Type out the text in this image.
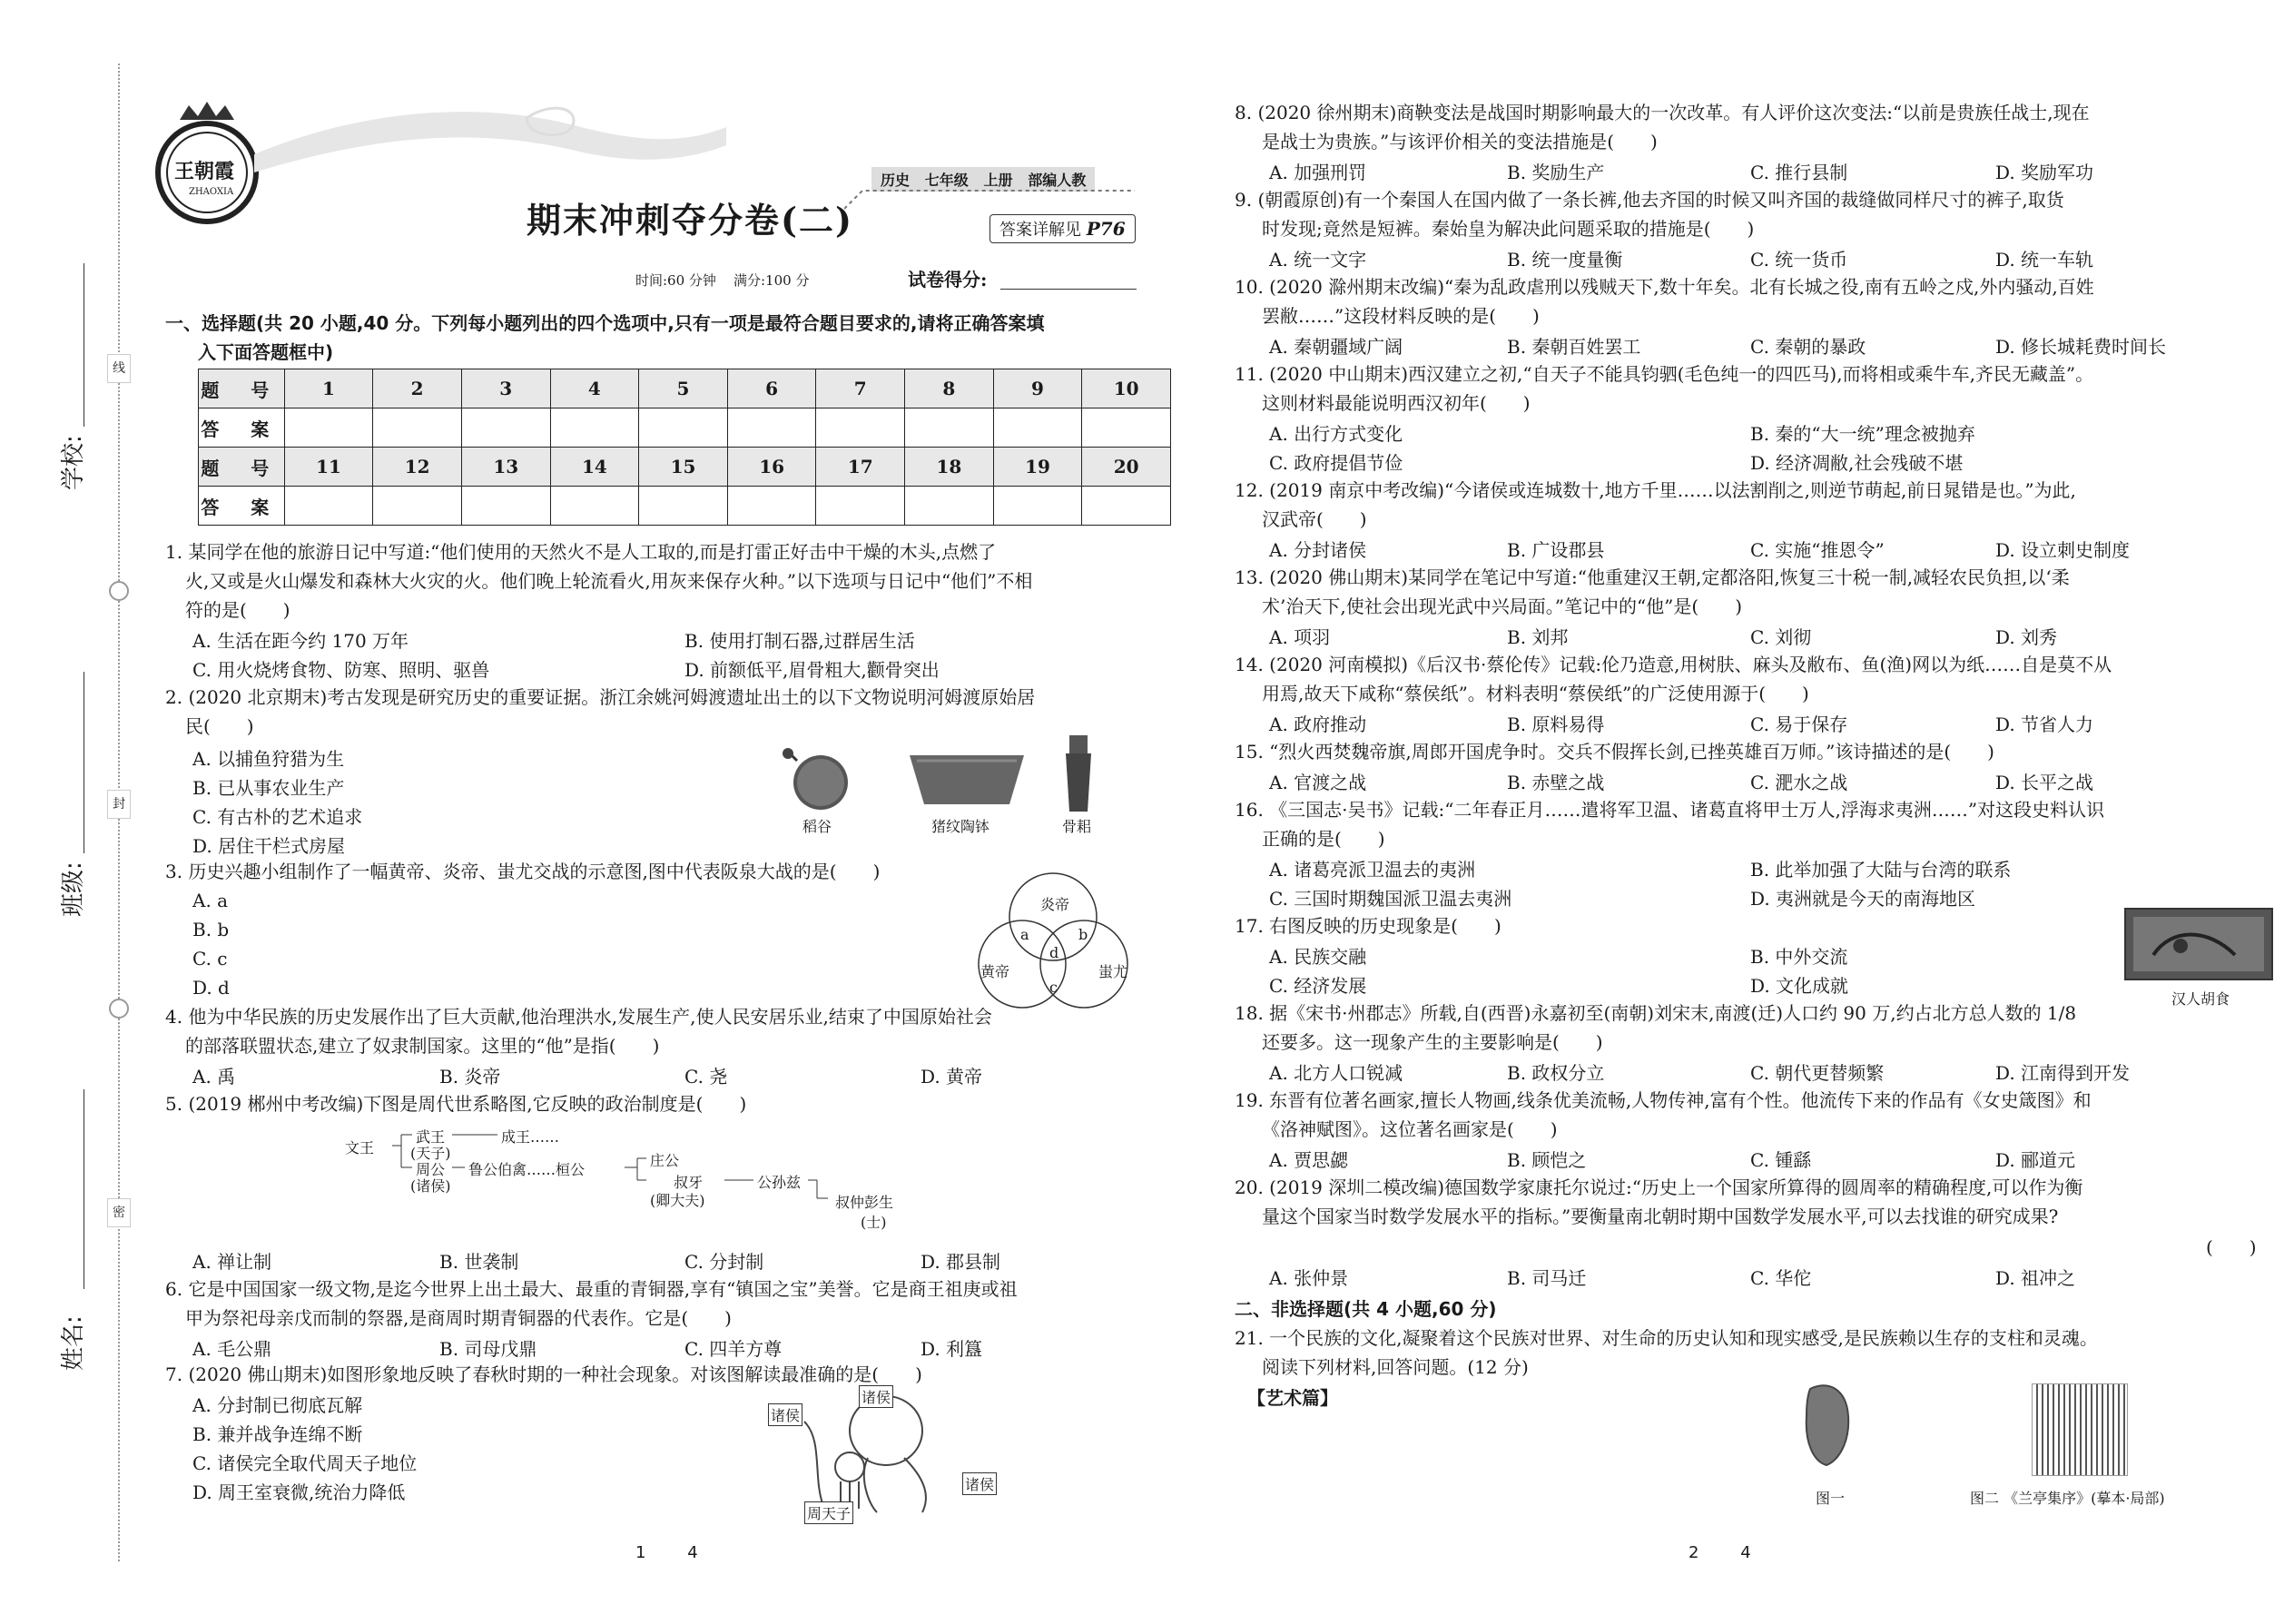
线
封
密
学校:
班级:
姓名:
王朝霞
ZHAOXIA
历史 七年级 上册 部编人教
期末冲刺夺分卷(二)	答案详解见 P76
时间:60 分钟 满分:100 分	试卷得分:
一、选择题(共 20 小题,40 分。下列每小题列出的四个选项中,只有一项是最符合题目要求的,请将正确答案填
入下面答题框中)
题 号	1	2	3	4	5	6	7	8	9	10
答 案										
题 号	11	12	13	14	15	16	17	18	19	20
答 案										
1. 某同学在他的旅游日记中写道:“他们使用的天然火不是人工取的,而是打雷正好击中干燥的木头,点燃了
火,又或是火山爆发和森林大火灾的火。他们晚上轮流看火,用灰来保存火种。”以下选项与日记中“他们”不相
符的是(　　)
A. 生活在距今约 170 万年	B. 使用打制石器,过群居生活
C. 用火烧烤食物、防寒、照明、驱兽	D. 前额低平,眉骨粗大,颧骨突出
2. (2020 北京期末)考古发现是研究历史的重要证据。浙江余姚河姆渡遗址出土的以下文物说明河姆渡原始居
民(　　)
A. 以捕鱼狩猎为生
B. 已从事农业生产
C. 有古朴的艺术追求
D. 居住干栏式房屋
稻谷	猪纹陶钵	骨耜
3. 历史兴趣小组制作了一幅黄帝、炎帝、蚩尤交战的示意图,图中代表阪泉大战的是(　　)
A. a
B. b
C. c
D. d
炎帝
黄帝	蚩尤
a	b
c
d
4. 他为中华民族的历史发展作出了巨大贡献,他治理洪水,发展生产,使人民安居乐业,结束了中国原始社会
的部落联盟状态,建立了奴隶制国家。这里的“他”是指(　　)
A. 禹	B. 炎帝	C. 尧	D. 黄帝
5. (2019 郴州中考改编)下图是周代世系略图,它反映的政治制度是(　　)
文王
武王
(天子)
成王……
周公
(诸侯)
鲁公伯禽……桓公
庄公
叔牙
(卿大夫)
公孙兹
叔仲彭生
(士)
A. 禅让制	B. 世袭制	C. 分封制	D. 郡县制
6. 它是中国国家一级文物,是迄今世界上出土最大、最重的青铜器,享有“镇国之宝”美誉。它是商王祖庚或祖
甲为祭祀母亲戊而制的祭器,是商周时期青铜器的代表作。它是(　　)
A. 毛公鼎	B. 司母戊鼎	C. 四羊方尊	D. 利簋
7. (2020 佛山期末)如图形象地反映了春秋时期的一种社会现象。对该图解读最准确的是(　　)
A. 分封制已彻底瓦解
B. 兼并战争连绵不断
C. 诸侯完全取代周天子地位
D. 周王室衰微,统治力降低
诸侯
诸侯
诸侯
周天子
1	4
8. (2020 徐州期末)商鞅变法是战国时期影响最大的一次改革。有人评价这次变法:“以前是贵族任战士,现在
是战士为贵族。”与该评价相关的变法措施是(　　)
A. 加强刑罚	B. 奖励生产	C. 推行县制	D. 奖励军功
9. (朝霞原创)有一个秦国人在国内做了一条长裤,他去齐国的时候又叫齐国的裁缝做同样尺寸的裤子,取货
时发现;竟然是短裤。秦始皇为解决此问题采取的措施是(　　)
A. 统一文字	B. 统一度量衡	C. 统一货币	D. 统一车轨
10. (2020 滁州期末改编)“秦为乱政虐刑以残贼天下,数十年矣。北有长城之役,南有五岭之戍,外内骚动,百姓
罢敝……”这段材料反映的是(　　)
A. 秦朝疆域广阔	B. 秦朝百姓罢工	C. 秦朝的暴政	D. 修长城耗费时间长
11. (2020 中山期末)西汉建立之初,“自天子不能具钧驷(毛色纯一的四匹马),而将相或乘牛车,齐民无藏盖”。
这则材料最能说明西汉初年(　　)
A. 出行方式变化	B. 秦的“大一统”理念被抛弃
C. 政府提倡节俭	D. 经济凋敝,社会残破不堪
12. (2019 南京中考改编)“今诸侯或连城数十,地方千里……以法割削之,则逆节萌起,前日晁错是也。”为此,
汉武帝(　　)
A. 分封诸侯	B. 广设郡县	C. 实施“推恩令”	D. 设立刺史制度
13. (2020 佛山期末)某同学在笔记中写道:“他重建汉王朝,定都洛阳,恢复三十税一制,减轻农民负担,以‘柔
术’治天下,使社会出现光武中兴局面。”笔记中的“他”是(　　)
A. 项羽	B. 刘邦	C. 刘彻	D. 刘秀
14. (2020 河南模拟)《后汉书·蔡伦传》记载:伦乃造意,用树肤、麻头及敝布、鱼(渔)网以为纸……自是莫不从
用焉,故天下咸称“蔡侯纸”。材料表明“蔡侯纸”的广泛使用源于(　　)
A. 政府推动	B. 原料易得	C. 易于保存	D. 节省人力
15. “烈火西焚魏帝旗,周郎开国虎争时。交兵不假挥长剑,已挫英雄百万师。”该诗描述的是(　　)
A. 官渡之战	B. 赤壁之战	C. 淝水之战	D. 长平之战
16. 《三国志·吴书》记载:“二年春正月……遣将军卫温、诸葛直将甲士万人,浮海求夷洲……”对这段史料认识
正确的是(　　)
A. 诸葛亮派卫温去的夷洲	B. 此举加强了大陆与台湾的联系
C. 三国时期魏国派卫温去夷洲	D. 夷洲就是今天的南海地区
17. 右图反映的历史现象是(　　)
A. 民族交融	B. 中外交流
C. 经济发展	D. 文化成就
汉人胡食
18. 据《宋书·州郡志》所载,自(西晋)永嘉初至(南朝)刘宋末,南渡(迁)人口约 90 万,约占北方总人数的 1/8
还要多。这一现象产生的主要影响是(　　)
A. 北方人口锐减	B. 政权分立	C. 朝代更替频繁	D. 江南得到开发
19. 东晋有位著名画家,擅长人物画,线条优美流畅,人物传神,富有个性。他流传下来的作品有《女史箴图》和
《洛神赋图》。这位著名画家是(　　)
A. 贾思勰	B. 顾恺之	C. 锺繇	D. 郦道元
20. (2019 深圳二模改编)德国数学家康托尔说过:“历史上一个国家所算得的圆周率的精确程度,可以作为衡
量这个国家当时数学发展水平的指标。”要衡量南北朝时期中国数学发展水平,可以去找谁的研究成果?
(　　)
A. 张仲景	B. 司马迁	C. 华佗	D. 祖冲之
二、非选择题(共 4 小题,60 分)
21. 一个民族的文化,凝聚着这个民族对世界、对生命的历史认知和现实感受,是民族赖以生存的支柱和灵魂。
阅读下列材料,回答问题。(12 分)
【艺术篇】
图一	图二 《兰亭集序》(摹本·局部)
2	4
